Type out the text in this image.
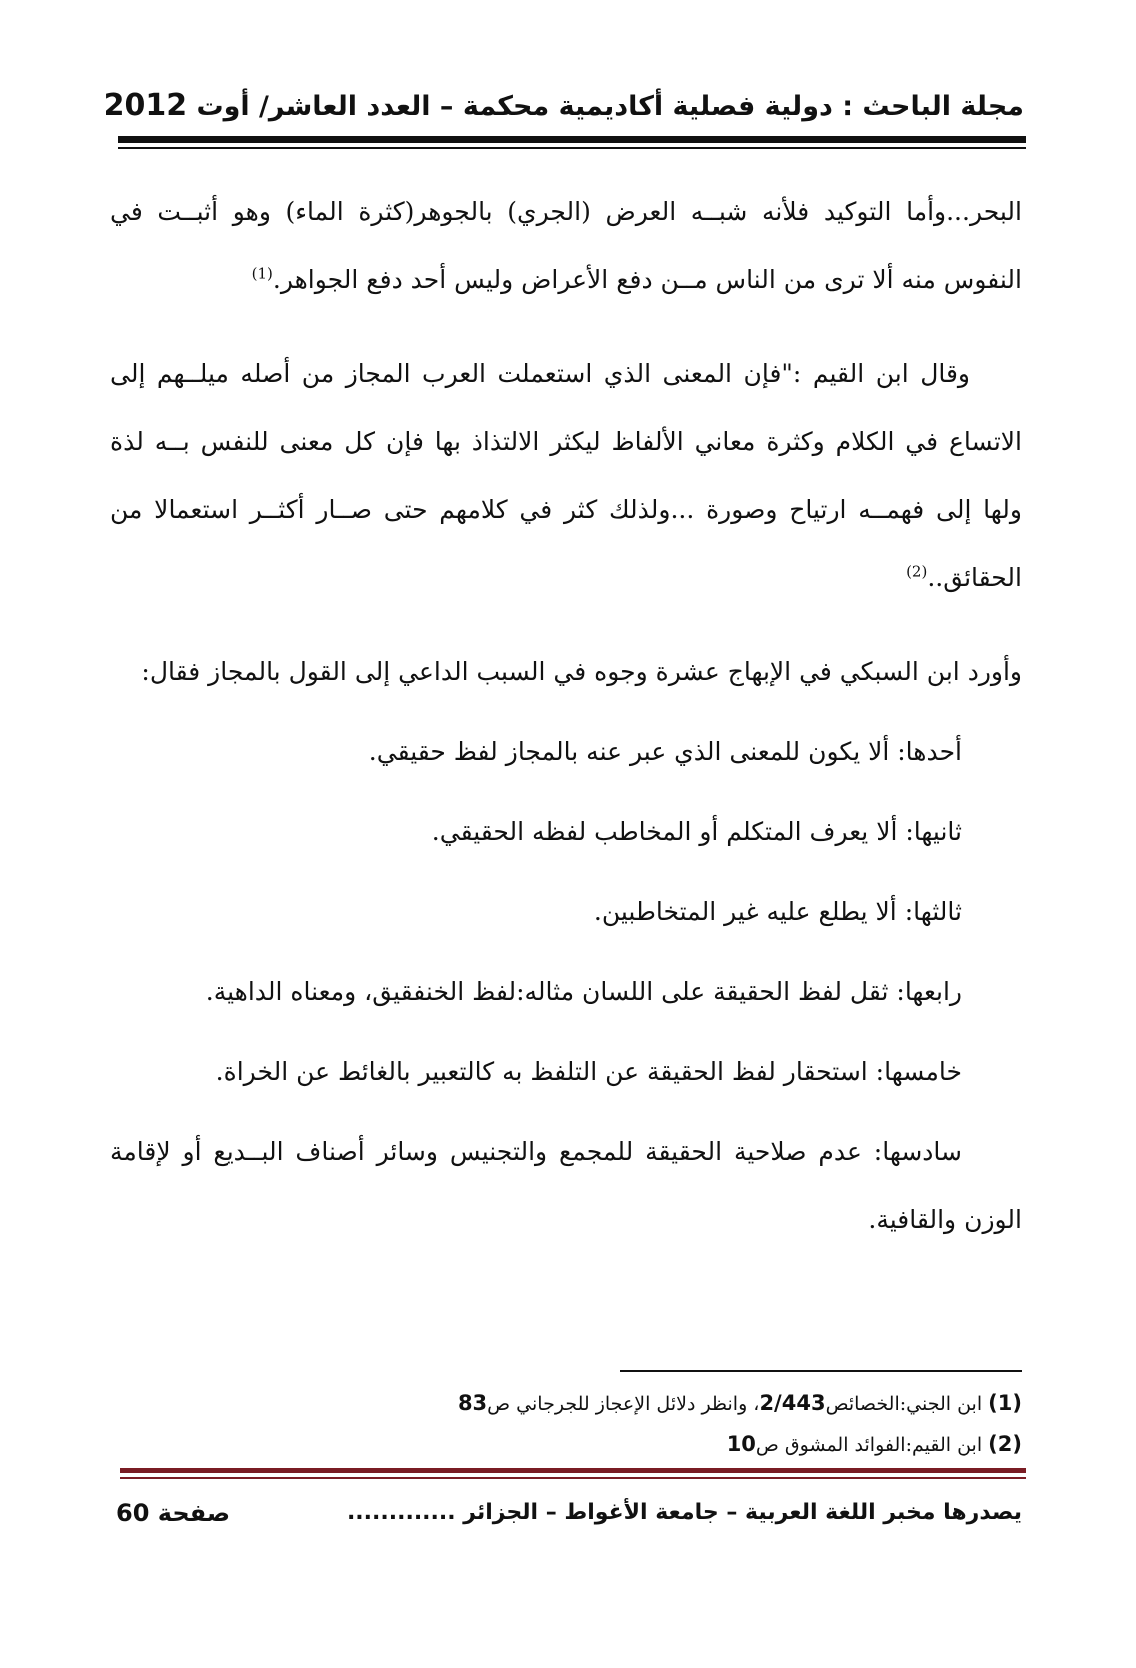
مجلة الباحث : دولية فصلية أكاديمية محكمة – العدد العاشر/ أوت 2012

البحر...وأما التوكيد فلأنه شبــه العرض (الجري) بالجوهر(كثرة الماء) وهو أثبــت في النفوس منه ألا ترى من الناس مــن دفع الأعراض وليس أحد دفع الجواهر.$^{(1)}$

وقال ابن القيم :"فإن المعنى الذي استعملت العرب المجاز من أصله ميلــهم إلى الاتساع في الكلام وكثرة معاني الألفاظ ليكثر الالتذاذ بها فإن كل معنى للنفس بــه لذة ولها إلى فهمــه ارتياح وصورة ...ولذلك كثر في كلامهم حتى صــار أكثــر استعمالا من الحقائق..$^{(2)}$

وأورد ابن السبكي في الإبهاج عشرة وجوه في السبب الداعي إلى القول بالمجاز فقال:

أحدها: ألا يكون للمعنى الذي عبر عنه بالمجاز لفظ حقيقي.

ثانيها: ألا يعرف المتكلم أو المخاطب لفظه الحقيقي.

ثالثها: ألا يطلع عليه غير المتخاطبين.

رابعها: ثقل لفظ الحقيقة على اللسان مثاله:لفظ الخنفقيق، ومعناه الداهية.

خامسها: استحقار لفظ الحقيقة عن التلفظ به كالتعبير بالغائط عن الخراة.

سادسها: عدم صلاحية الحقيقة للمجمع والتجنيس وسائر أصناف البــديع أو لإقامة الوزن والقافية.

(1) ابن الجني:الخصائص2/443، وانظر دلائل الإعجاز للجرجاني ص83
(2) ابن القيم:الفوائد المشوق ص10
يصدرها مخبر اللغة العربية – جامعة الأغواط – الجزائر .............
صفحة 60
